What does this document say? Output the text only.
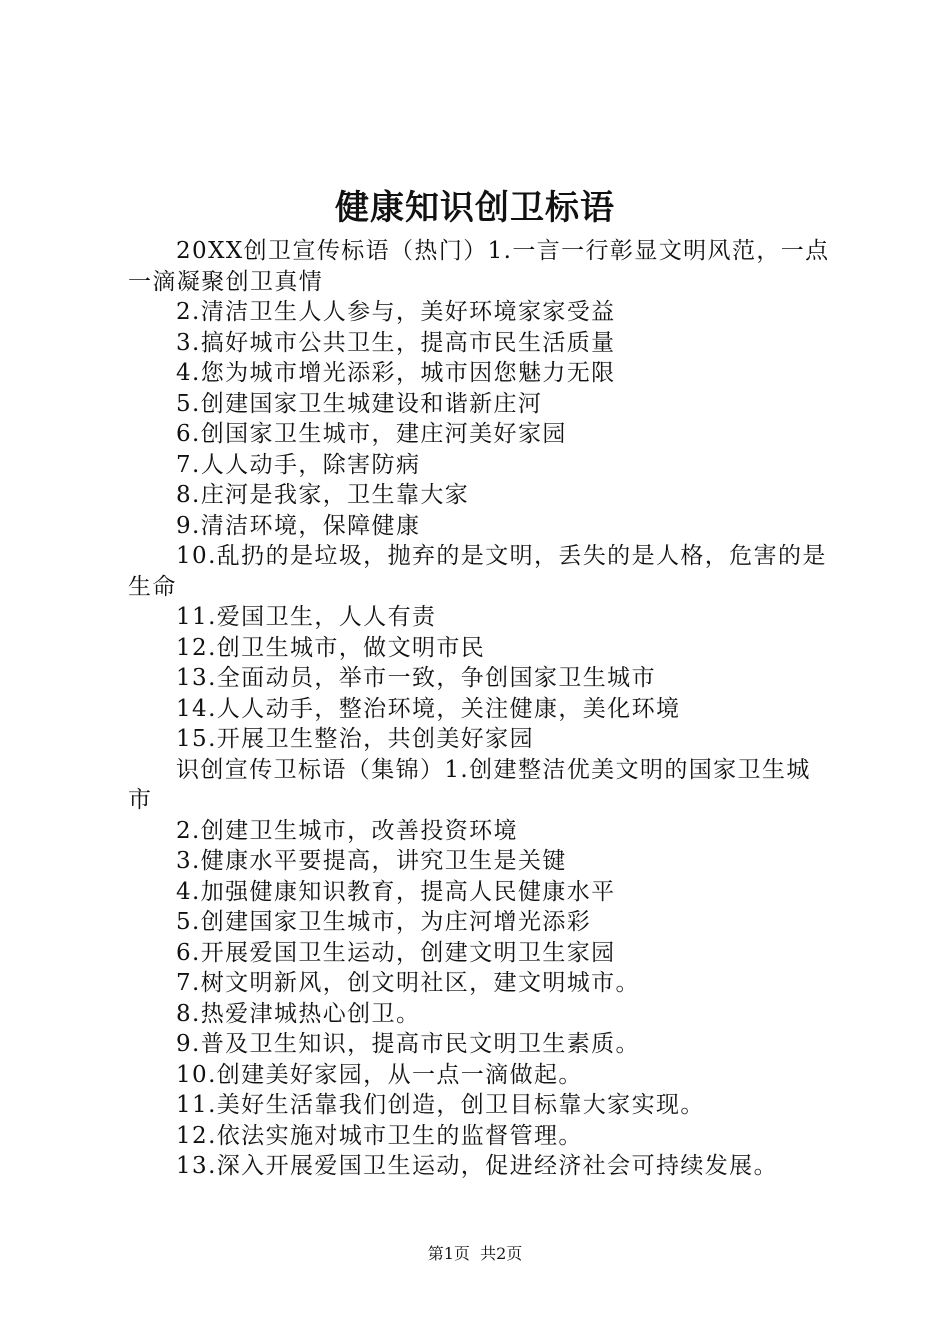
健康知识创卫标语

20XX创卫宣传标语（热门）1.一言一行彰显文明风范，一点一滴凝聚创卫真情

2.清洁卫生人人参与，美好环境家家受益

3.搞好城市公共卫生，提高市民生活质量

4.您为城市增光添彩，城市因您魅力无限

5.创建国家卫生城建设和谐新庄河

6.创国家卫生城市，建庄河美好家园

7.人人动手，除害防病

8.庄河是我家，卫生靠大家

9.清洁环境，保障健康

10.乱扔的是垃圾，抛弃的是文明，丢失的是人格，危害的是生命

11.爱国卫生，人人有责

12.创卫生城市，做文明市民

13.全面动员，举市一致，争创国家卫生城市

14.人人动手，整治环境，关注健康，美化环境

15.开展卫生整治，共创美好家园

识创宣传卫标语（集锦）1.创建整洁优美文明的国家卫生城市

2.创建卫生城市，改善投资环境

3.健康水平要提高，讲究卫生是关键

4.加强健康知识教育，提高人民健康水平

5.创建国家卫生城市，为庄河增光添彩

6.开展爱国卫生运动，创建文明卫生家园

7.树文明新风，创文明社区，建文明城市。

8.热爱津城热心创卫。

9.普及卫生知识，提高市民文明卫生素质。

10.创建美好家园，从一点一滴做起。

11.美好生活靠我们创造，创卫目标靠大家实现。

12.依法实施对城市卫生的监督管理。

13.深入开展爱国卫生运动，促进经济社会可持续发展。

第1页 共2页
